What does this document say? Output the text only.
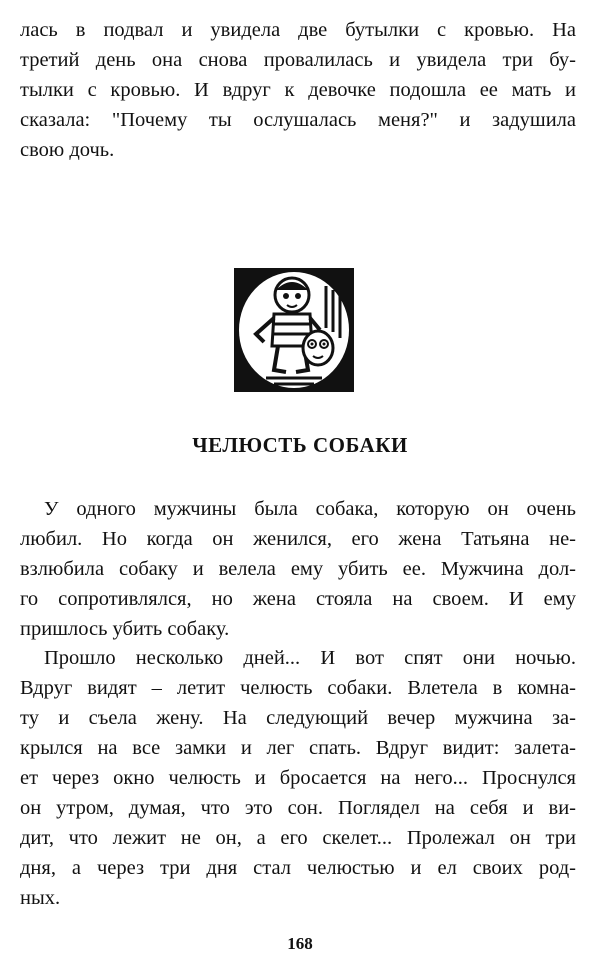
лась в подвал и увидела две бутылки с кровью. На
третий день она снова провалилась и увидела три бу-
тылки с кровью. И вдруг к девочке подошла ее мать и
сказала: "Почему ты ослушалась меня?" и задушила
свою дочь.
ЧЕЛЮСТЬ СОБАКИ
У одного мужчины была собака, которую он очень
любил. Но когда он женился, его жена Татьяна не-
взлюбила собаку и велела ему убить ее. Мужчина дол-
го сопротивлялся, но жена стояла на своем. И ему
пришлось убить собаку.
Прошло несколько дней... И вот спят они ночью.
Вдруг видят – летит челюсть собаки. Влетела в комна-
ту и съела жену. На следующий вечер мужчина за-
крылся на все замки и лег спать. Вдруг видит: залета-
ет через окно челюсть и бросается на него... Проснулся
он утром, думая, что это сон. Поглядел на себя и ви-
дит, что лежит не он, а его скелет... Пролежал он три
дня, а через три дня стал челюстью и ел своих род-
ных.
168
